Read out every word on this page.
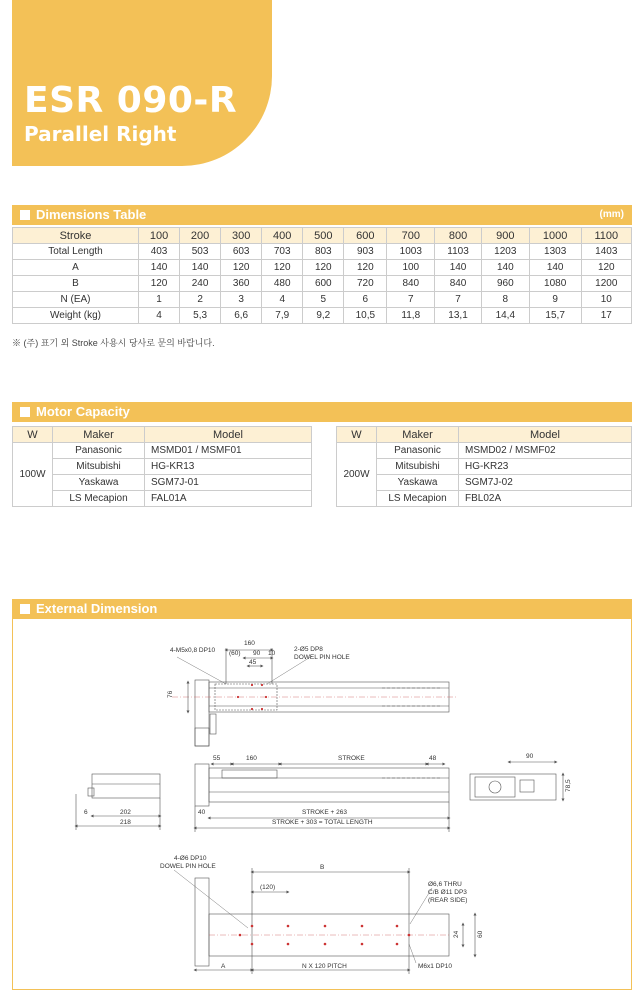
ESR 090-R
Parallel Right
Dimensions Table	(mm)
Stroke	100	200	300	400	500	600	700	800	900	1000	1100
Total Length	403	503	603	703	803	903	1003	1103	1203	1303	1403
A	140	140	120	120	120	120	100	140	140	140	120
B	120	240	360	480	600	720	840	840	960	1080	1200
N (EA)	1	2	3	4	5	6	7	7	8	9	10
Weight (kg)	4	5,3	6,6	7,9	9,2	10,5	11,8	13,1	14,4	15,7	17
※ (주) 표기 외 Stroke 사용시 당사로 문의 바랍니다.
Motor Capacity
W	Maker	Model
100W	Panasonic	MSMD01 / MSMF01
	Mitsubishi	HG-KR13
	Yaskawa	SGM7J-01
	LS Mecapion	FAL01A
W	Maker	Model
200W	Panasonic	MSMD02 / MSMF02
	Mitsubishi	HG-KR23
	Yaskawa	SGM7J-02
	LS Mecapion	FBL02A
External Dimension
4-M5x0,8 DP10
160
(60) 90 10
45
2-Ø5 DP8
DOWEL PIN HOLE
76
55	160	STROKE	48
6	202
218
40	STROKE + 263
STROKE + 303 = TOTAL LENGTH
90
78,5
4-Ø6 DP10
DOWEL PIN HOLE	B
(120)	Ø6,6 THRU
C/B Ø11 DP3
(REAR SIDE)
A	N X 120 PITCH	M6x1 DP10
24	60
